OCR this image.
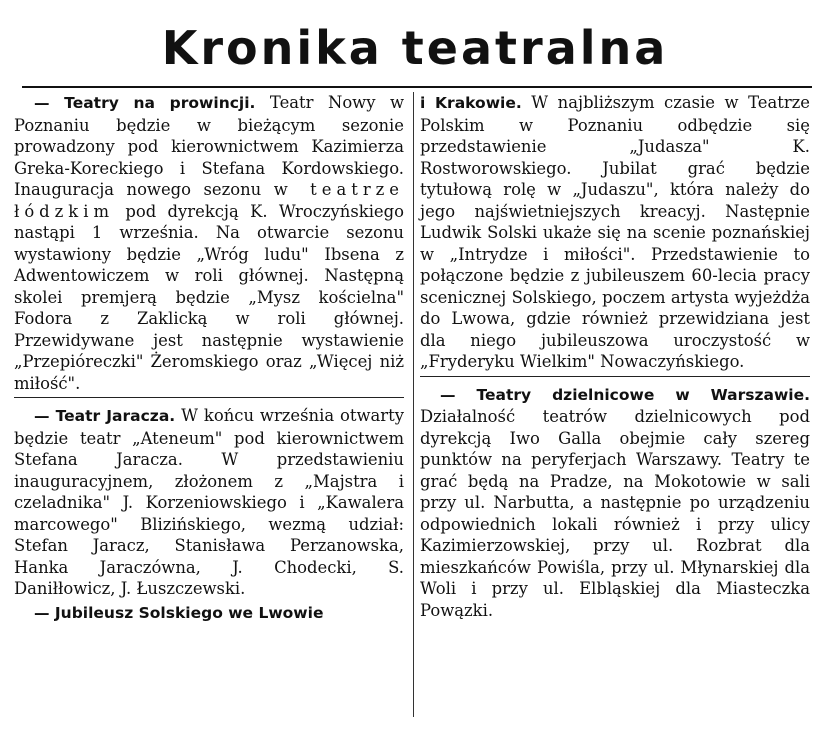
Kronika teatralna

— Teatry na prowincji. Teatr Nowy w Poznaniu będzie w bieżącym sezonie prowadzony pod kierownictwem Kazimierza Greka-Koreckiego i Stefana Kordowskiego. Inauguracja nowego sezonu w teatrze łódzkim pod dyrekcją K. Wroczyńskiego nastąpi 1 września. Na otwarcie sezonu wystawiony będzie „Wróg ludu" Ibsena z Adwentowiczem w roli głównej. Następną skolei premjerą będzie „Mysz kościelna" Fodora z Zaklicką w roli głównej. Przewidywane jest następnie wystawienie „Przepióreczki" Żeromskiego oraz „Więcej niż miłość".

— Teatr Jaracza. W końcu września otwarty będzie teatr „Ateneum" pod kierownictwem Stefana Jaracza. W przedstawieniu inauguracyjnem, złożonem z „Majstra i czeladnika" J. Korzeniowskiego i „Kawalera marcowego" Blizińskiego, wezmą udział: Stefan Jaracz, Stanisława Perzanowska, Hanka Jaraczówna, J. Chodecki, S. Daniłłowicz, J. Łuszczewski.

— Jubileusz Solskiego we Lwowie

i Krakowie. W najbliższym czasie w Teatrze Polskim w Poznaniu odbędzie się przedstawienie „Judasza" K. Rostworowskiego. Jubilat grać będzie tytułową rolę w „Judaszu", która należy do jego najświetniejszych kreacyj. Następnie Ludwik Solski ukaże się na scenie poznańskiej w „Intrydze i miłości". Przedstawienie to połączone będzie z jubileuszem 60-lecia pracy scenicznej Solskiego, poczem artysta wyjeżdża do Lwowa, gdzie również przewidziana jest dla niego jubileuszowa uroczystość w „Fryderyku Wielkim" Nowaczyńskiego.

— Teatry dzielnicowe w Warszawie. Działalność teatrów dzielnicowych pod dyrekcją Iwo Galla obejmie cały szereg punktów na peryferjach Warszawy. Teatry te grać będą na Pradze, na Mokotowie w sali przy ul. Narbutta, a następnie po urządzeniu odpowiednich lokali również i przy ulicy Kazimierzowskiej, przy ul. Rozbrat dla mieszkańców Powiśla, przy ul. Młynarskiej dla Woli i przy ul. Elbląskiej dla Miasteczka Powązki.
